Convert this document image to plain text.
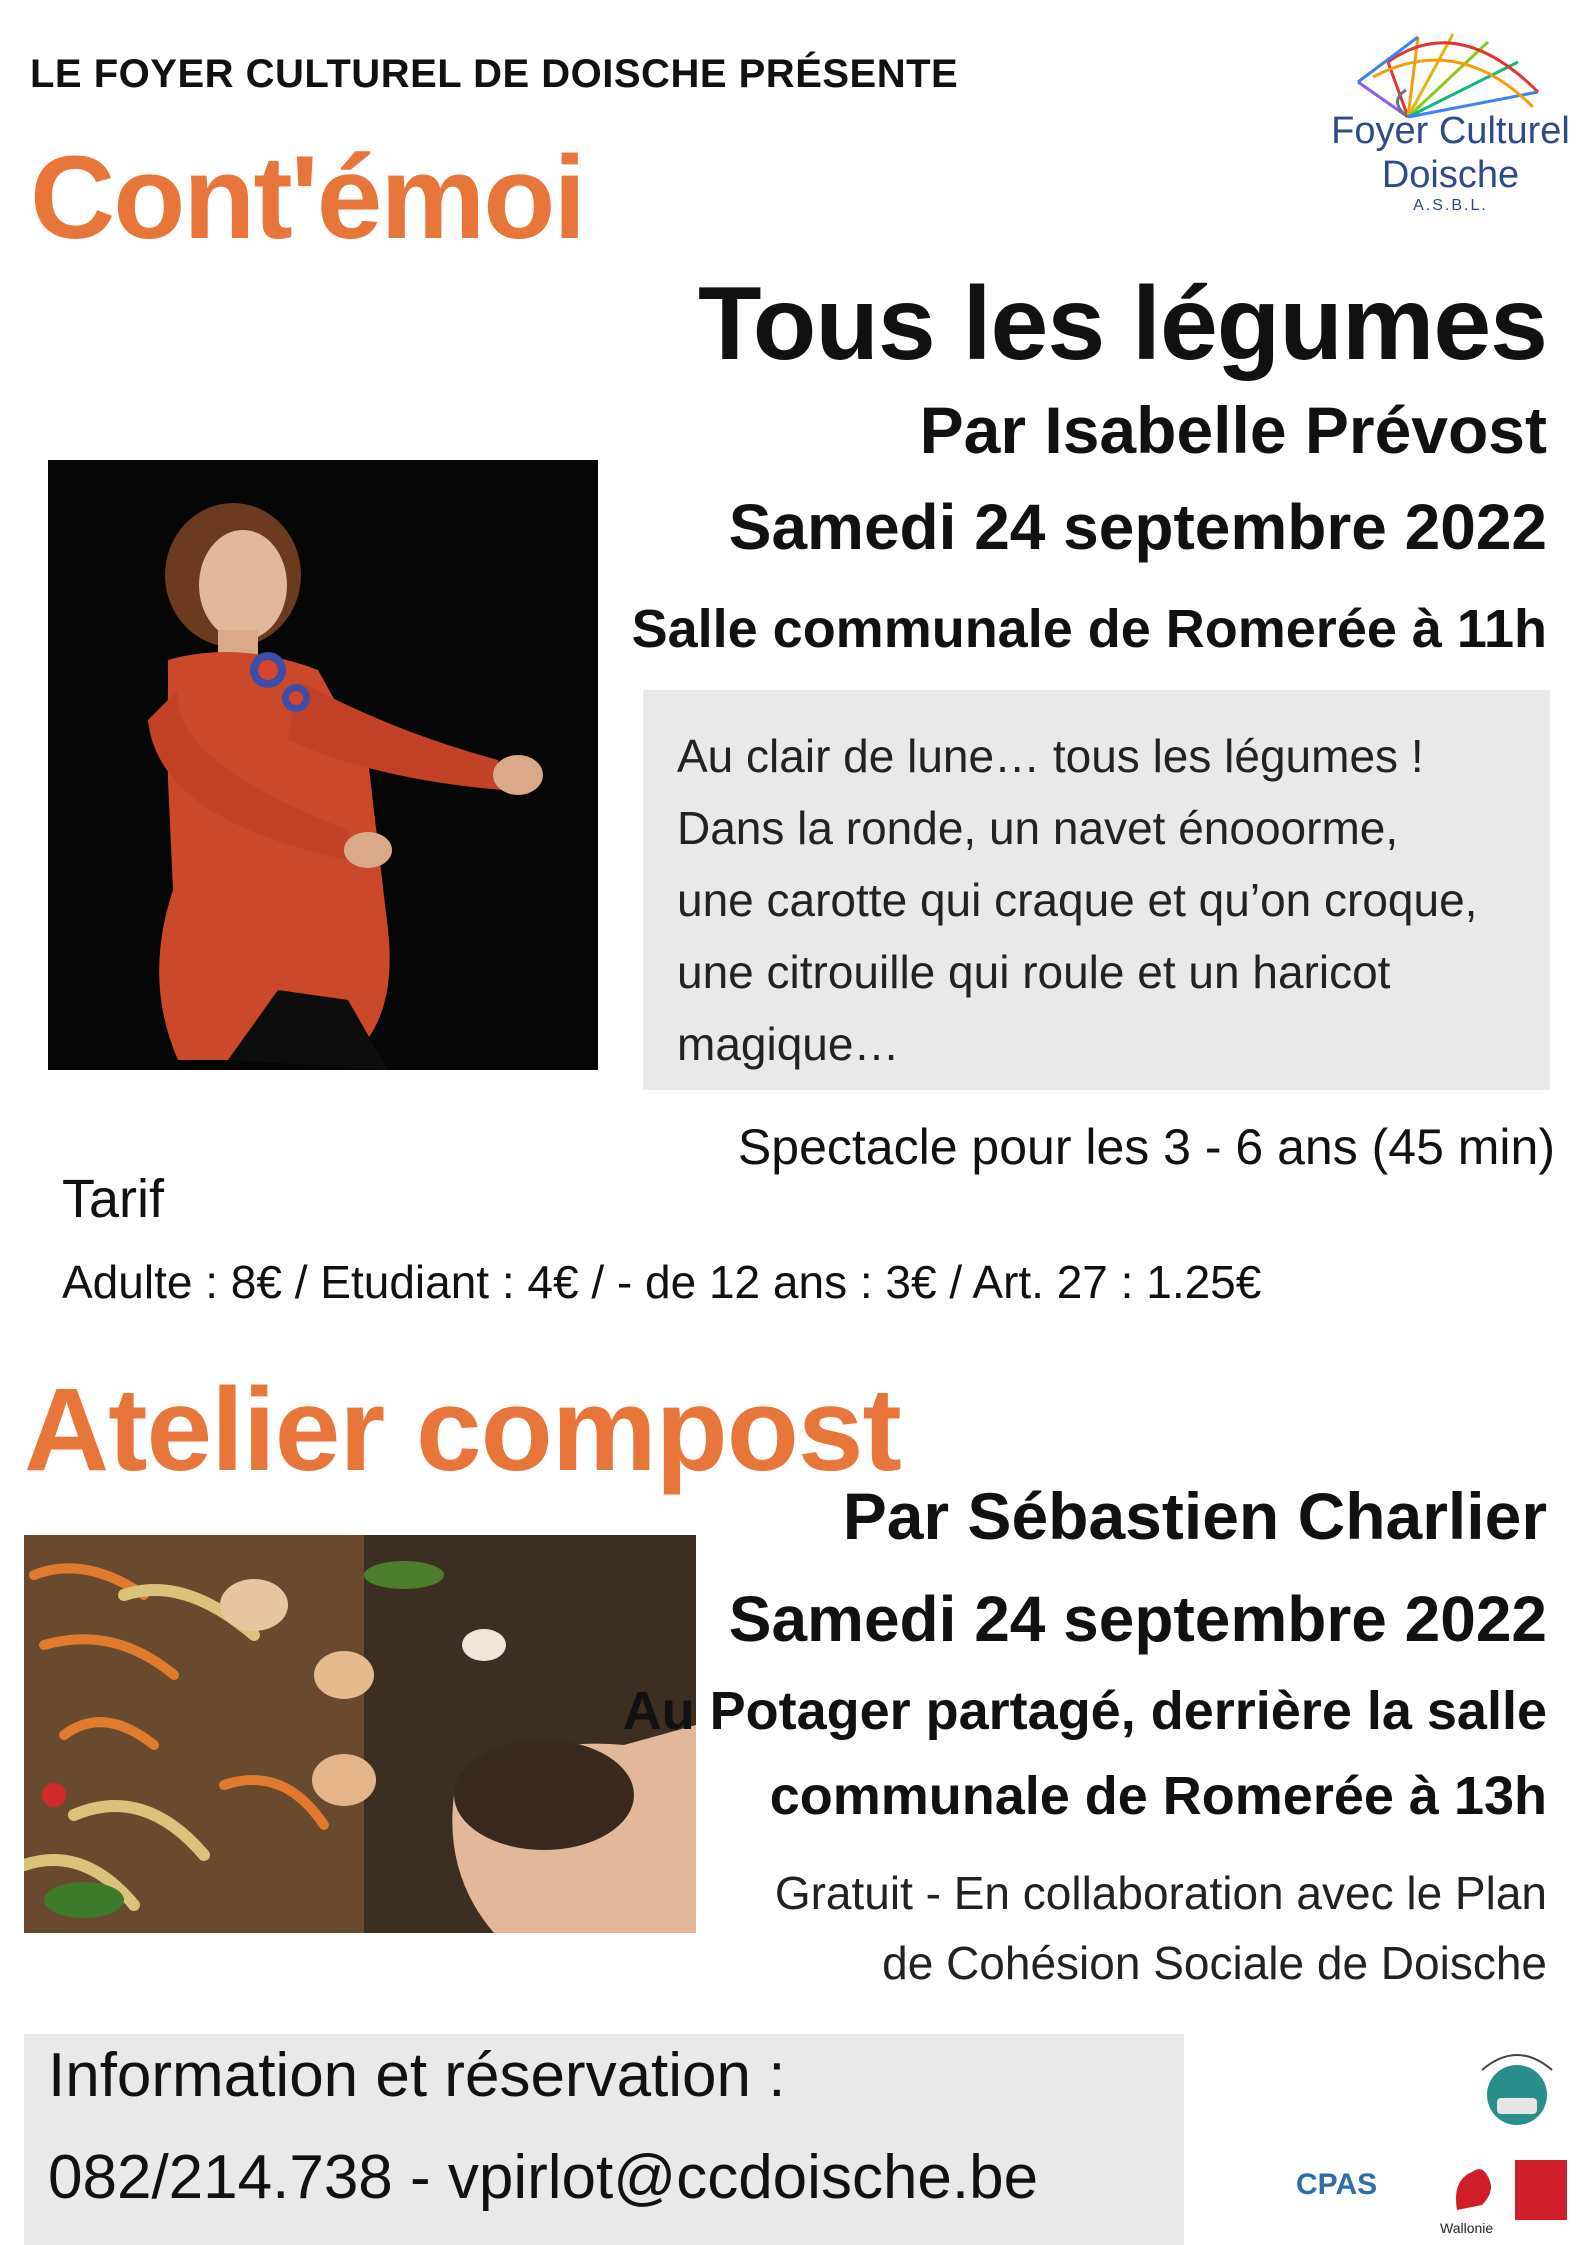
LE FOYER CULTUREL DE DOISCHE PRÉSENTE
Foyer Culturel
Doische
A.S.B.L.
Cont'émoi
Tous les légumes
Par Isabelle Prévost
Samedi 24 septembre 2022
Salle communale de Romerée à 11h
Au clair de lune… tous les légumes !
Dans la ronde, un navet énooorme,
une carotte qui craque et qu’on croque,
une citrouille qui roule et un haricot
magique…
Spectacle pour les 3 - 6 ans (45 min)
Tarif
Adulte : 8€ / Etudiant : 4€ / - de 12 ans : 3€ / Art. 27 : 1.25€
Atelier compost
Par Sébastien Charlier
Samedi 24 septembre 2022
Au Potager partagé, derrière la salle
communale de Romerée à 13h
Gratuit - En collaboration avec le Plan
de Cohésion Sociale de Doische
Information et réservation :
082/214.738 - vpirlot@ccdoische.be	CPAS
Wallonie
